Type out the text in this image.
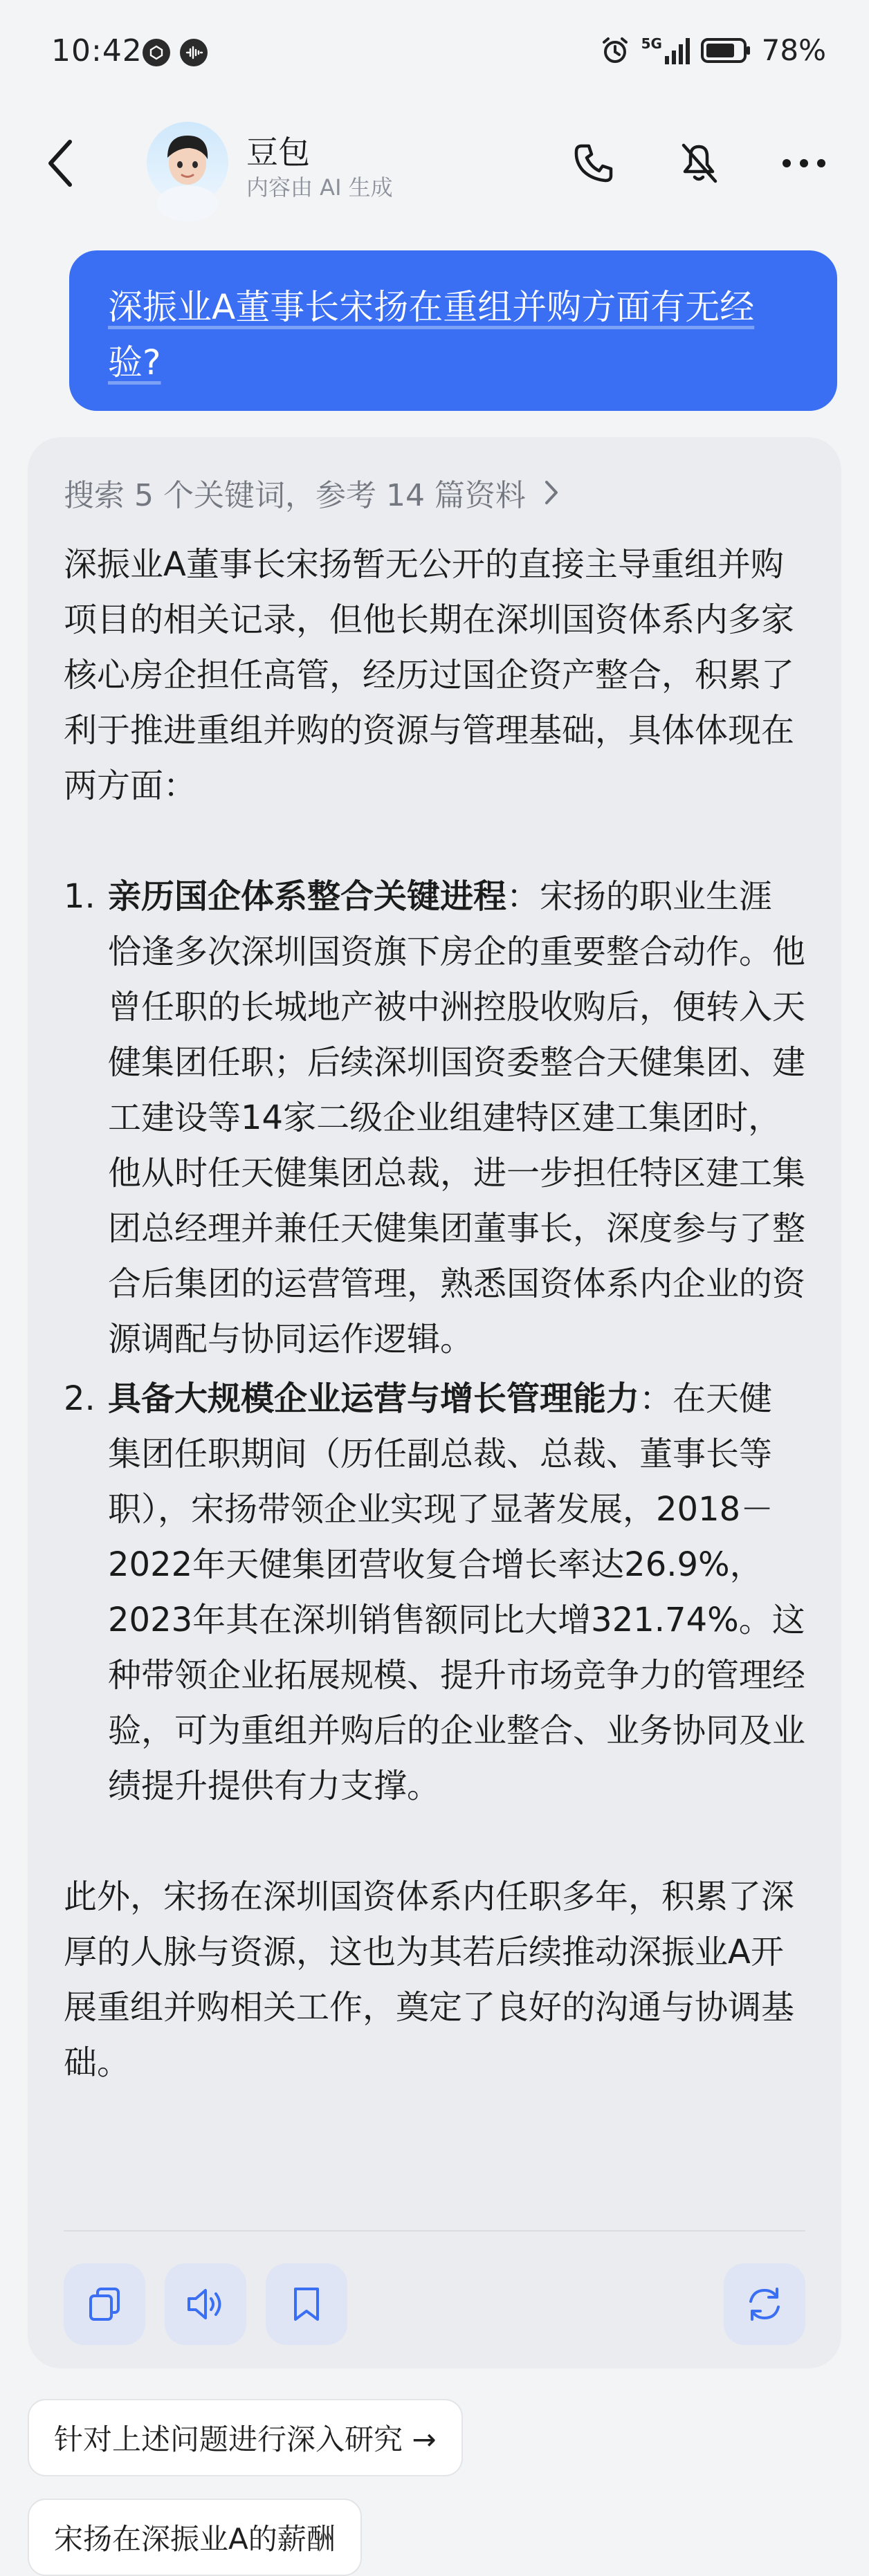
10:42	5G	78%
豆包
内容由 AI 生成
深振业A董事长宋扬在重组并购方面有无经验?
搜索 5 个关键词，参考 14 篇资料

深振业A董事长宋扬暂无公开的直接主导重组并购项目的相关记录，但他长期在深圳国资体系内多家核心房企担任高管，经历过国企资产整合，积累了利于推进重组并购的资源与管理基础，具体体现在两方面：

1. 亲历国企体系整合关键进程：宋扬的职业生涯恰逢多次深圳国资旗下房企的重要整合动作。他曾任职的长城地产被中洲控股收购后，便转入天健集团任职；后续深圳国资委整合天健集团、建工建设等14家二级企业组建特区建工集团时，他从时任天健集团总裁，进一步担任特区建工集团总经理并兼任天健集团董事长，深度参与了整合后集团的运营管理，熟悉国资体系内企业的资源调配与协同运作逻辑。
2. 具备大规模企业运营与增长管理能力：在天健集团任职期间（历任副总裁、总裁、董事长等职），宋扬带领企业实现了显著发展，2018－2022年天健集团营收复合增长率达26.9%，2023年其在深圳销售额同比大增321.74%。这种带领企业拓展规模、提升市场竞争力的管理经验，可为重组并购后的企业整合、业务协同及业绩提升提供有力支撑。

此外，宋扬在深圳国资体系内任职多年，积累了深厚的人脉与资源，这也为其若后续推动深振业A开展重组并购相关工作，奠定了良好的沟通与协调基础。

针对上述问题进行深入研究 →
宋扬在深振业A的薪酬
